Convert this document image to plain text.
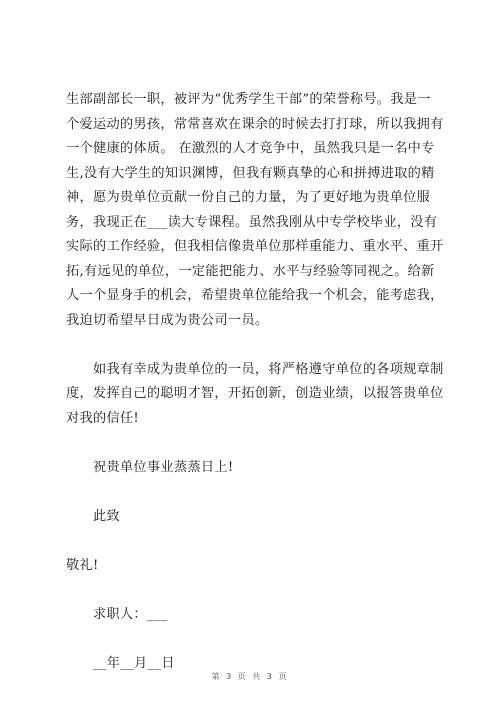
生部副部长一职，被评为“优秀学生干部”的荣誉称号。我是一
个爱运动的男孩，常常喜欢在课余的时候去打打球，所以我拥有
一个健康的体质。 在激烈的人才竞争中，虽然我只是一名中专
生,没有大学生的知识渊博，但我有颗真挚的心和拼搏进取的精
神，愿为贵单位贡献一份自己的力量，为了更好地为贵单位服
务，我现正在___读大专课程。虽然我刚从中专学校毕业，没有
实际的工作经验，但我相信像贵单位那样重能力、重水平、重开
拓,有远见的单位，一定能把能力、水平与经验等同视之。给新
人一个显身手的机会，希望贵单位能给我一个机会，能考虑我，
我迫切希望早日成为贵公司一员。
　　如我有幸成为贵单位的一员，将严格遵守单位的各项规章制
度，发挥自己的聪明才智，开拓创新，创造业绩，以报答贵单位
对我的信任!
　　祝贵单位事业蒸蒸日上!
　　此致
敬礼!
　　求职人：___
　　__年__月__日
第 3 页 共 3 页
